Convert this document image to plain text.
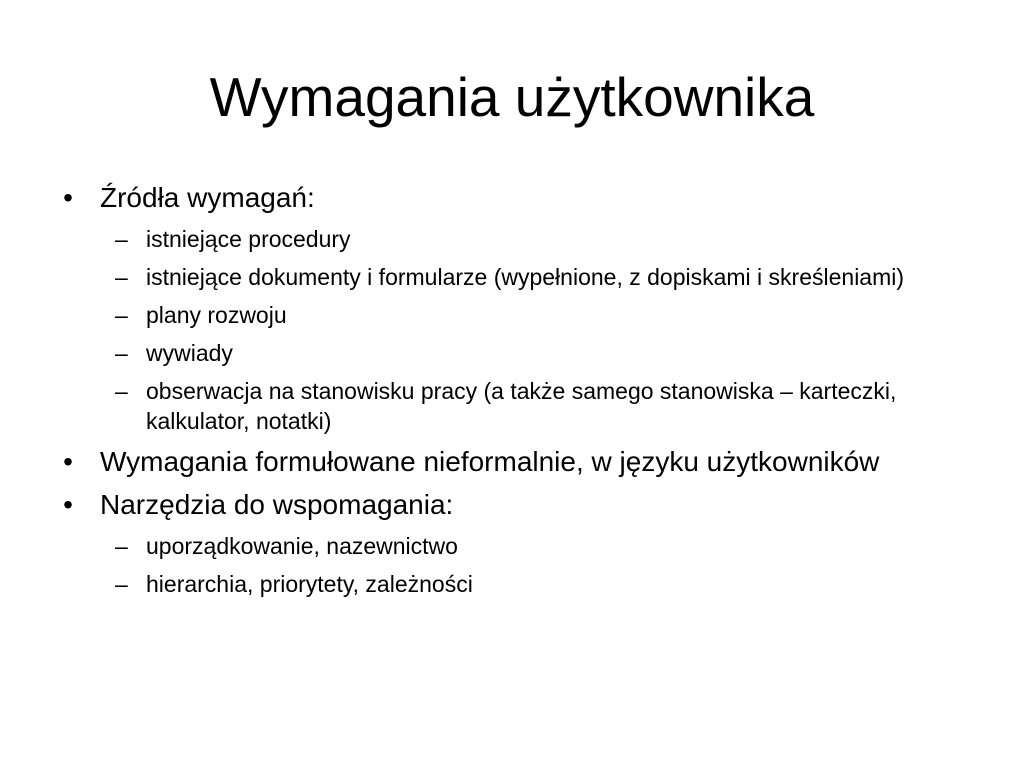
Wymagania użytkownika
• Źródła wymagań:
– istniejące procedury
– istniejące dokumenty i formularze (wypełnione, z dopiskami i skreśleniami)
– plany rozwoju
– wywiady
– obserwacja na stanowisku pracy (a także samego stanowiska – karteczki, kalkulator, notatki)
• Wymagania formułowane nieformalnie, w języku użytkowników
• Narzędzia do wspomagania:
– uporządkowanie, nazewnictwo
– hierarchia, priorytety, zależności
